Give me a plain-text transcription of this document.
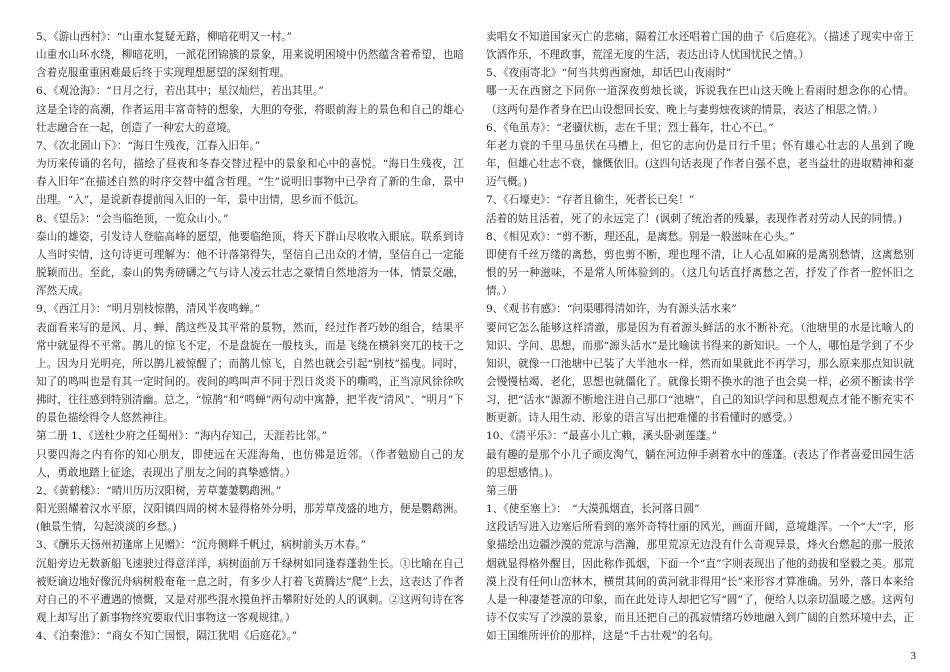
5、《游山西村》：“山重水复疑无路，柳暗花明又一村。”

山重水山环水绕，柳暗花明，一派花团锦簇的景象，用来说明困境中仍然蕴含着希望，也暗含着克服重重困难最后终于实现理想愿望的深刻哲理。

6、《观沧海》：“日月之行，若出其中；星汉灿烂，若出其里。”

这是全诗的高潮，作者运用丰富奇特的想象，大胆的夸张，将眼前海上的景色和自己的雄心壮志融合在一起，创造了一种宏大的意境。

7、《次北固山下》：“海日生残夜，江春入旧年。”

为历来传诵的名句，描绘了昼夜和冬春交替过程中的景象和心中的喜悦。“海日生残夜，江春入旧年”在描述自然的时序交替中蕴含哲理。“生”说明旧事物中已孕育了新的生命，景中出理。“入”，是说新春提前闯入旧的一年，景中出情，思乡而不低沉。

8、《望岳》：“会当临绝顶，一览众山小。”

泰山的雄姿，引发诗人登临高峰的愿望，他要临绝顶，将天下群山尽收收入眼底。联系到诗人当时实情，这句诗更可理解为：他不计落第得失，坚信自己出众的才情，坚信自己一定能脱颖而出。至此，泰山的隽秀磅礴之气与诗人凌云壮志之豪情自然地溶为一体，情景交融，浑然天成。

9、《西江月》：“明月别枝惊鹊，清风半夜鸣蝉。”

表面看来写的是风、月、蝉、鹊这些及其平常的景物，然而，经过作者巧妙的组合，结果平常中就显得不平常。鹊儿的惊飞不定，不是盘旋在一般枝头，而是飞绕在横斜突兀的枝干之上。因为月光明亮，所以鹊儿被惊醒了；而鹊儿惊飞，自然也就会引起“别枝”摇曳。同时，知了的鸣叫也是有其一定时间的。夜间的鸣叫声不同于烈日炎炎下的嘶鸣，正当凉风徐徐吹拂时，往往感到特别清幽。总之，“惊鹊”和“鸣蝉”两句动中寓静，把半夜“清风”、“明月”下的景色描绘得令人悠然神往。

第二册 1、《送杜少府之任蜀州》：“海内存知己，天涯若比邻。”

只要四海之内有你的知心朋友，即使远在天涯海角，也仿佛是近邻。（作者勉励自己的友人，勇敢地踏上征途，表现出了朋友之间的真挚感情。）

2、《黄鹤楼》：“晴川历历汉阳树，芳草萋萋鹦鹉洲。”

阳光照耀着汉水平原，汉阳镇四周的树木显得格外分明，那芳草茂盛的地方，便是鹦鹉洲。(触景生情，勾起淡淡的乡愁。)

3、《酬乐天扬州初逢席上见赠》：“沉舟侧畔千帆过，病树前头万木春。”

沉船旁边无数新船飞速驶过得意洋洋，病树面前万千绿树如同逢春蓬勃生长。①比喻在自己被贬谪边地好像沉舟病树般奄奄一息之时，有多少人打着飞黄腾达“爬”上去，这表达了作者对自己的不平遭遇的愤慨，又是对那些混水摸鱼抨击攀附好处的人的讽刺。②这两句诗在客观上却写出了新事物终究要取代旧事物这一客观规律。）

4、《泊秦淮》：“商女不知亡国恨，隔江犹唱《后庭花》。”

卖唱女不知道国家灭亡的悲痛，隔着江水还唱着亡国的曲子《后庭花》。（描述了现实中帝王饮酒作乐，不理政事，荒淫无度的生活，表达出诗人忧国忧民之情。）

5、《夜雨寄北》“何当共剪西窗烛，却话巴山夜雨时”

哪一天在西窗之下同你一道深夜剪烛长谈，诉说我在巴山这天晚上看雨时想念你的心情。（这两句是作者身在巴山设想回长安、晚上与妻剪烛夜谈的情景，表达了相思之情。）

6、《龟虽寿》：“老骥伏枥，志在千里；烈士暮年，壮心不已。”

年老力衰的千里马虽伏在马槽上，但它的志向仍是日行千里；怀有雄心壮志的人虽到了晚年，但雄心壮志不衰，慷慨依旧。(这四句话表现了作者自强不息，老当益壮的进取精神和豪迈气概。)

7、《石壕吏》：“存者且偷生，死者长已矣！”

活着的姑且活着，死了的永远完了！(讽刺了统治者的残暴，表现作者对劳动人民的同情。)

8、《相见欢》：“剪不断，理还乱，是离愁。别是一般滋味在心头。”

即使有千丝万缕的离愁，剪也剪不断，理也理不清，让人心乱如麻的是离别愁情，这离愁别恨的另一种滋味，不是常人所体验到的。（这几句话直抒离愁之苦，抒发了作者一腔怀旧之情。）

9、《观书有感》：“问渠哪得清如许，为有源头活水来”

要问它怎么能够这样清澈，那是因为有着源头鲜活的水不断补充。（池塘里的水是比喻人的知识、学问、思想，而那“源头活水”是比喻读书得来的新知识。一个人，哪怕是学到了不少知识，就像一口池塘中已装了大半池水一样，然而如果就此不再学习，那么原来那点知识就会慢慢枯竭、老化，思想也就僵化了。就像长期不换水的池子也会臭一样，必须不断读书学习，把“活水”源源不断地注进自己那口“池塘”，自己的知识学问和思想观点才能不断充实不断更新。诗人用生动、形象的语言写出把难懂的书看懂时的感受。）

10、《清平乐》：“最喜小儿亡赖，溪头卧剥莲蓬。”

最有趣的是那个小儿子顽皮淘气，躺在河边伸手剥着水中的莲蓬。(表达了作者喜爱田园生活的思想感情。)。

第三册

1、《使至塞上》：　“大漠孤烟直，长河落日圆”

这段话写进入边塞后所看到的塞外奇特壮丽的风光，画面开阔，意境雄浑。一个“大”字，形象描绘出边疆沙漠的荒凉与浩瀚，那里荒凉无边没有什么奇观异景，烽火台燃起的那一股浓烟就显得格外醒目，因此称作孤烟，下面一个“直”字则表现出了他的劲拔和坚毅之美。那荒漠上没有任何山峦林木，横贯其间的黄河就非得用“长”来形容才算准确。另外，落日本来给人是一种凄楚苍凉的印象，而在此处诗人却把它写“圆”了，便给人以亲切温暖之感。这两句诗不仅实写了沙漠的景象，而且还把自己的孤寂情绪巧妙地融入到广阔的自然环境中去，正如王国维所评价的那样，这是“千古壮观”的名句。

3
